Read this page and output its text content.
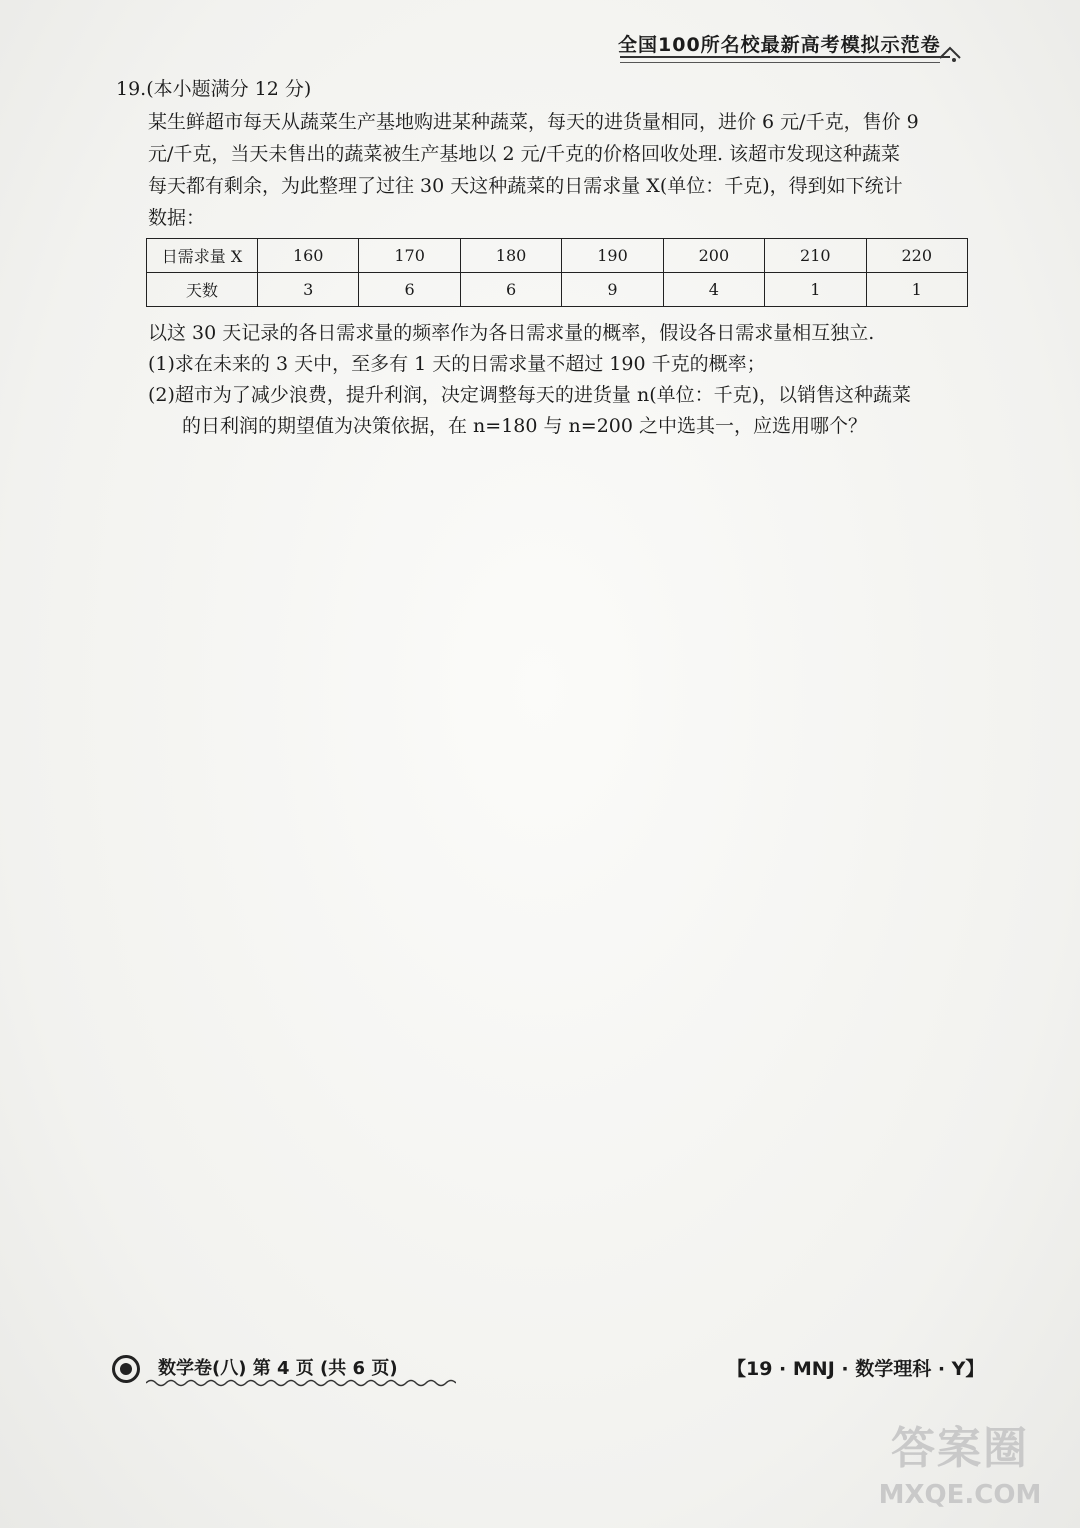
全国100所名校最新高考模拟示范卷
19.(本小题满分 12 分)

某生鲜超市每天从蔬菜生产基地购进某种蔬菜，每天的进货量相同，进价 6 元/千克，售价 9

元/千克，当天未售出的蔬菜被生产基地以 2 元/千克的价格回收处理. 该超市发现这种蔬菜

每天都有剩余，为此整理了过往 30 天这种蔬菜的日需求量 X(单位：千克)，得到如下统计

数据：

日需求量 X	160	170	180	190	200	210	220
天数	3	6	6	9	4	1	1

以这 30 天记录的各日需求量的频率作为各日需求量的概率，假设各日需求量相互独立.

(1)求在未来的 3 天中，至多有 1 天的日需求量不超过 190 千克的概率；

(2)超市为了减少浪费，提升利润，决定调整每天的进货量 n(单位：千克)，以销售这种蔬菜

的日利润的期望值为决策依据，在 n=180 与 n=200 之中选其一，应选用哪个？

数学卷(八) 第 4 页 (共 6 页)	【19 · MNJ · 数学理科 · Y】
答案圈
MXQE.COM
